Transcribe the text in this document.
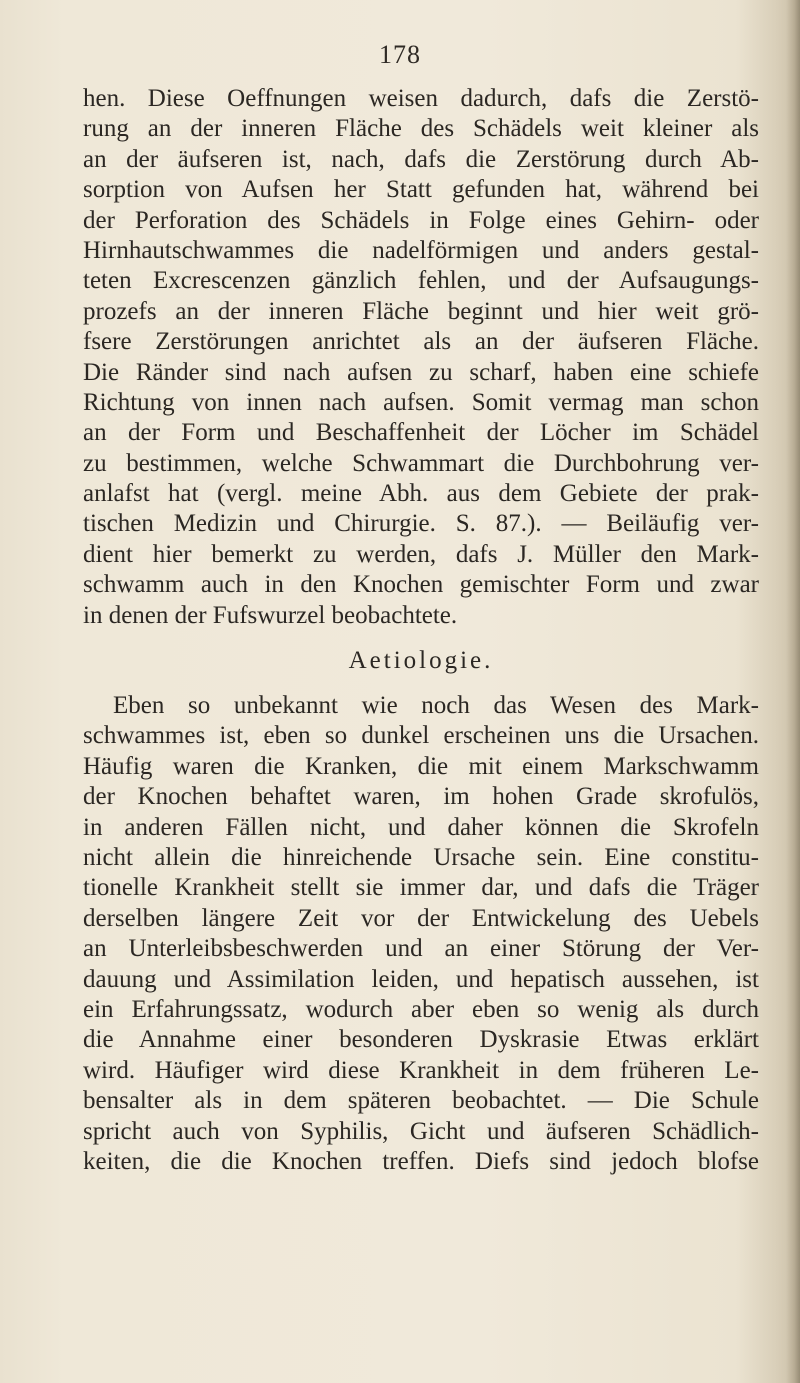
178
hen. Diese Oeffnungen weisen dadurch, dafs die Zerstö-
rung an der inneren Fläche des Schädels weit kleiner als
an der äufseren ist, nach, dafs die Zerstörung durch Ab-
sorption von Aufsen her Statt gefunden hat, während bei
der Perforation des Schädels in Folge eines Gehirn- oder
Hirnhautschwammes die nadelförmigen und anders gestal-
teten Excrescenzen gänzlich fehlen, und der Aufsaugungs-
prozefs an der inneren Fläche beginnt und hier weit grö-
fsere Zerstörungen anrichtet als an der äufseren Fläche.
Die Ränder sind nach aufsen zu scharf, haben eine schiefe
Richtung von innen nach aufsen. Somit vermag man schon
an der Form und Beschaffenheit der Löcher im Schädel
zu bestimmen, welche Schwammart die Durchbohrung ver-
anlafst hat (vergl. meine Abh. aus dem Gebiete der prak-
tischen Medizin und Chirurgie. S. 87.). — Beiläufig ver-
dient hier bemerkt zu werden, dafs J. Müller den Mark-
schwamm auch in den Knochen gemischter Form und zwar
in denen der Fufswurzel beobachtete.
Aetiologie.
Eben so unbekannt wie noch das Wesen des Mark-
schwammes ist, eben so dunkel erscheinen uns die Ursachen.
Häufig waren die Kranken, die mit einem Markschwamm
der Knochen behaftet waren, im hohen Grade skrofulös,
in anderen Fällen nicht, und daher können die Skrofeln
nicht allein die hinreichende Ursache sein. Eine constitu-
tionelle Krankheit stellt sie immer dar, und dafs die Träger
derselben längere Zeit vor der Entwickelung des Uebels
an Unterleibsbeschwerden und an einer Störung der Ver-
dauung und Assimilation leiden, und hepatisch aussehen, ist
ein Erfahrungssatz, wodurch aber eben so wenig als durch
die Annahme einer besonderen Dyskrasie Etwas erklärt
wird. Häufiger wird diese Krankheit in dem früheren Le-
bensalter als in dem späteren beobachtet. — Die Schule
spricht auch von Syphilis, Gicht und äufseren Schädlich-
keiten, die die Knochen treffen. Diefs sind jedoch blofse
